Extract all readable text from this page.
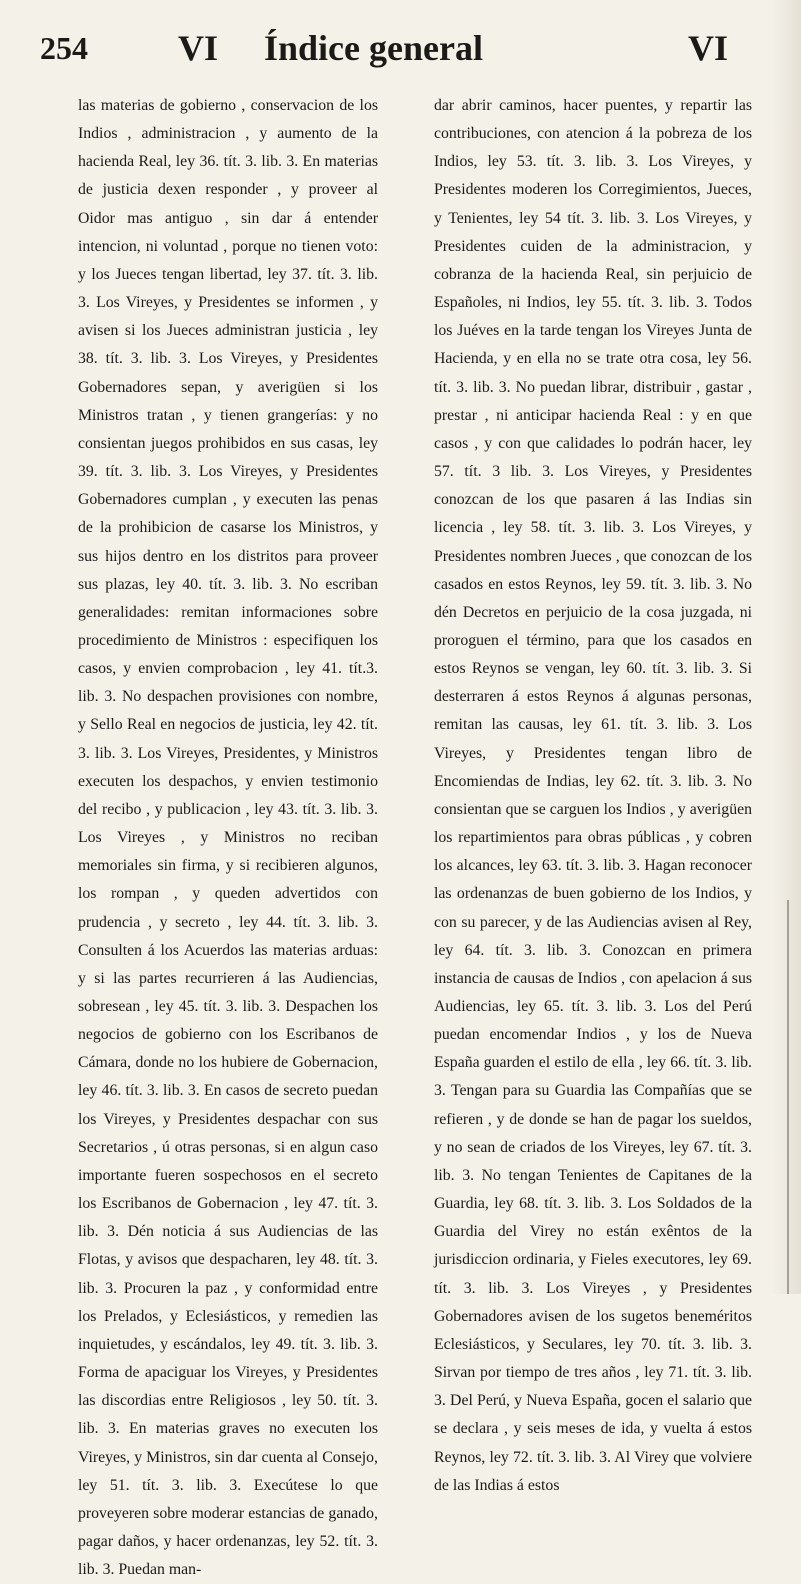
254	VI Índice general	VI

las materias de gobierno , conservacion de los Indios , administracion , y aumento de la hacienda Real, ley 36. tít. 3. lib. 3. En materias de justicia dexen responder , y proveer al Oidor mas antiguo , sin dar á entender intencion, ni voluntad , porque no tienen voto: y los Jueces tengan libertad, ley 37. tít. 3. lib. 3. Los Vireyes, y Presidentes se informen , y avisen si los Jueces administran justicia , ley 38. tít. 3. lib. 3. Los Vireyes, y Presidentes Gobernadores sepan, y averigüen si los Ministros tratan , y tienen grangerías: y no consientan juegos prohibidos en sus casas, ley 39. tít. 3. lib. 3. Los Vireyes, y Presidentes Gobernadores cumplan , y executen las penas de la prohibicion de casarse los Ministros, y sus hijos dentro en los distritos para proveer sus plazas, ley 40. tít. 3. lib. 3. No escriban generalidades: remitan informaciones sobre procedimiento de Ministros : especifiquen los casos, y envien comprobacion , ley 41. tít.3. lib. 3. No despachen provisiones con nombre, y Sello Real en negocios de justicia, ley 42. tít. 3. lib. 3. Los Vireyes, Presidentes, y Ministros executen los despachos, y envien testimonio del recibo , y publicacion , ley 43. tít. 3. lib. 3. Los Vireyes , y Ministros no reciban memoriales sin firma, y si recibieren algunos, los rompan , y queden advertidos con prudencia , y secreto , ley 44. tít. 3. lib. 3. Consulten á los Acuerdos las materias arduas: y si las partes recurrieren á las Audiencias, sobresean , ley 45. tít. 3. lib. 3. Despachen los negocios de gobierno con los Escribanos de Cámara, donde no los hubiere de Gobernacion, ley 46. tít. 3. lib. 3. En casos de secreto puedan los Vireyes, y Presidentes despachar con sus Secretarios , ú otras personas, si en algun caso importante fueren sospechosos en el secreto los Escribanos de Gobernacion , ley 47. tít. 3. lib. 3. Dén noticia á sus Audiencias de las Flotas, y avisos que despacharen, ley 48. tít. 3. lib. 3. Procuren la paz , y conformidad entre los Prelados, y Eclesiásticos, y remedien las inquietudes, y escándalos, ley 49. tít. 3. lib. 3. Forma de apaciguar los Vireyes, y Presidentes las discordias entre Religiosos , ley 50. tít. 3. lib. 3. En materias graves no executen los Vireyes, y Ministros, sin dar cuenta al Consejo, ley 51. tít. 3. lib. 3. Execútese lo que proveyeren sobre moderar estancias de ganado, pagar daños, y hacer ordenanzas, ley 52. tít. 3. lib. 3. Puedan man-

dar abrir caminos, hacer puentes, y repartir las contribuciones, con atencion á la pobreza de los Indios, ley 53. tít. 3. lib. 3. Los Vireyes, y Presidentes moderen los Corregimientos, Jueces, y Tenientes, ley 54 tít. 3. lib. 3. Los Vireyes, y Presidentes cuiden de la administracion, y cobranza de la hacienda Real, sin perjuicio de Españoles, ni Indios, ley 55. tít. 3. lib. 3. Todos los Juéves en la tarde tengan los Vireyes Junta de Hacienda, y en ella no se trate otra cosa, ley 56. tít. 3. lib. 3. No puedan librar, distribuir , gastar , prestar , ni anticipar hacienda Real : y en que casos , y con que calidades lo podrán hacer, ley 57. tít. 3 lib. 3. Los Vireyes, y Presidentes conozcan de los que pasaren á las Indias sin licencia , ley 58. tít. 3. lib. 3. Los Vireyes, y Presidentes nombren Jueces , que conozcan de los casados en estos Reynos, ley 59. tít. 3. lib. 3. No dén Decretos en perjuicio de la cosa juzgada, ni proroguen el término, para que los casados en estos Reynos se vengan, ley 60. tít. 3. lib. 3. Si desterraren á estos Reynos á algunas personas, remitan las causas, ley 61. tít. 3. lib. 3. Los Vireyes, y Presidentes tengan libro de Encomiendas de Indias, ley 62. tít. 3. lib. 3. No consientan que se carguen los Indios , y averigüen los repartimientos para obras públicas , y cobren los alcances, ley 63. tít. 3. lib. 3. Hagan reconocer las ordenanzas de buen gobierno de los Indios, y con su parecer, y de las Audiencias avisen al Rey, ley 64. tít. 3. lib. 3. Conozcan en primera instancia de causas de Indios , con apelacion á sus Audiencias, ley 65. tít. 3. lib. 3. Los del Perú puedan encomendar Indios , y los de Nueva España guarden el estilo de ella , ley 66. tít. 3. lib. 3. Tengan para su Guardia las Compañías que se refieren , y de donde se han de pagar los sueldos, y no sean de criados de los Vireyes, ley 67. tít. 3. lib. 3. No tengan Tenientes de Capitanes de la Guardia, ley 68. tít. 3. lib. 3. Los Soldados de la Guardia del Virey no están exêntos de la jurisdiccion ordinaria, y Fieles executores, ley 69. tít. 3. lib. 3. Los Vireyes , y Presidentes Gobernadores avisen de los sugetos beneméritos Eclesiásticos, y Seculares, ley 70. tít. 3. lib. 3. Sirvan por tiempo de tres años , ley 71. tít. 3. lib. 3. Del Perú, y Nueva España, gocen el salario que se declara , y seis meses de ida, y vuelta á estos Reynos, ley 72. tít. 3. lib. 3. Al Virey que volviere de las Indias á estos
